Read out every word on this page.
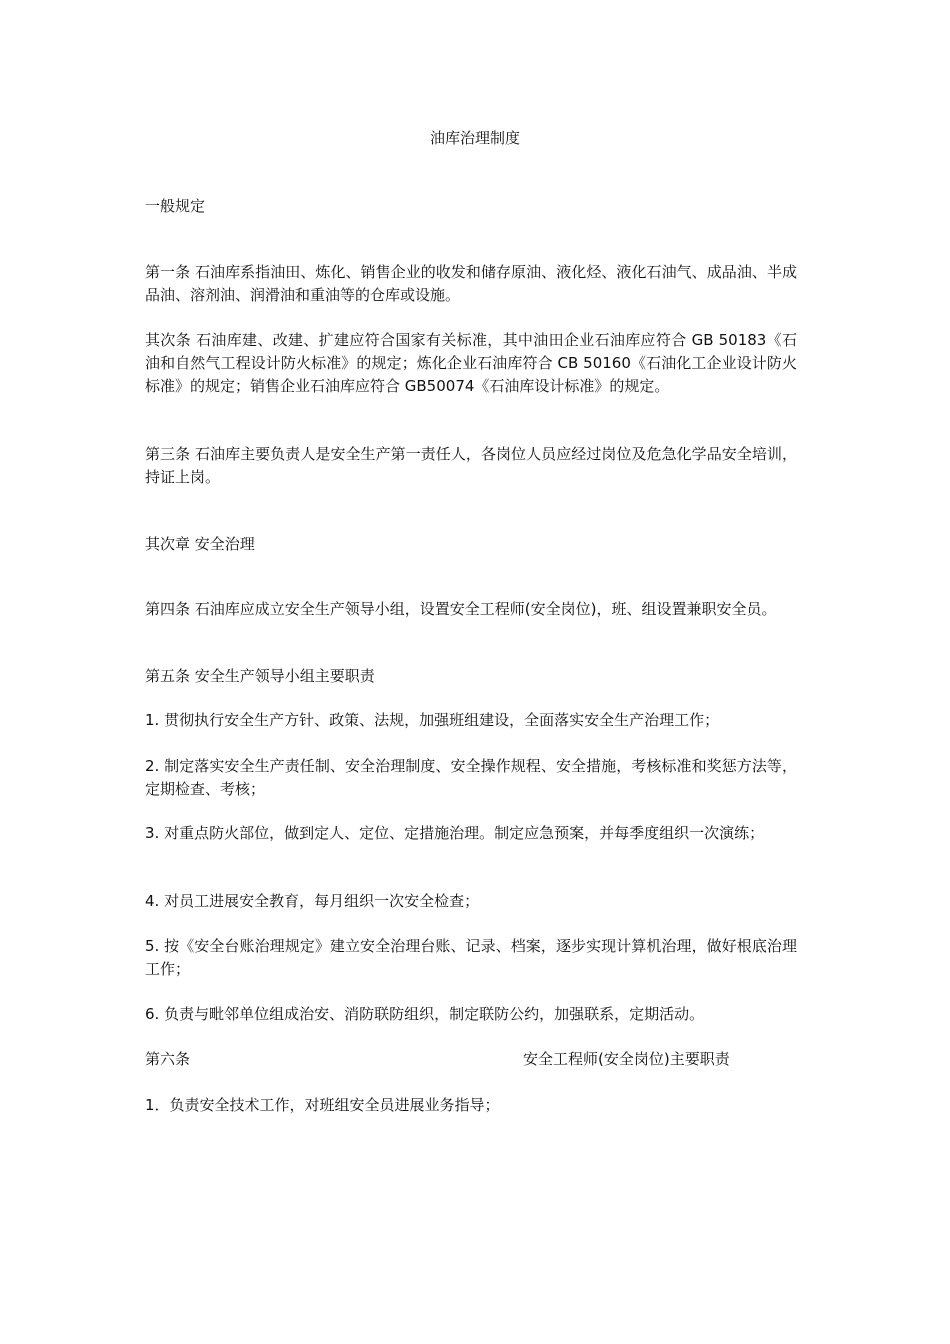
油库治理制度
一般规定
第一条 石油库系指油田、炼化、销售企业的收发和储存原油、液化烃、液化石油气、成品油、半成品油、溶剂油、润滑油和重油等的仓库或设施。
其次条 石油库建、改建、扩建应符合国家有关标准，其中油田企业石油库应符合 GB 50183《石油和自然气工程设计防火标准》的规定；炼化企业石油库符合 CB 50160《石油化工企业设计防火标准》的规定；销售企业石油库应符合 GB50074《石油库设计标准》的规定。
第三条 石油库主要负责人是安全生产第一责任人，各岗位人员应经过岗位及危急化学品安全培训，持证上岗。
其次章 安全治理
第四条 石油库应成立安全生产领导小组，设置安全工程师(安全岗位)，班、组设置兼职安全员。
第五条 安全生产领导小组主要职责
1. 贯彻执行安全生产方针、政策、法规，加强班组建设，全面落实安全生产治理工作；
2. 制定落实安全生产责任制、安全治理制度、安全操作规程、安全措施，考核标准和奖惩方法等，定期检查、考核；
3. 对重点防火部位，做到定人、定位、定措施治理。制定应急预案，并每季度组织一次演练；
4. 对员工进展安全教育，每月组织一次安全检查；
5. 按《安全台账治理规定》建立安全治理台账、记录、档案，逐步实现计算机治理，做好根底治理工作；
6. 负责与毗邻单位组成治安、消防联防组织，制定联防公约，加强联系，定期活动。
第六条	安全工程师(安全岗位)主要职责
1．负责安全技术工作，对班组安全员进展业务指导；
